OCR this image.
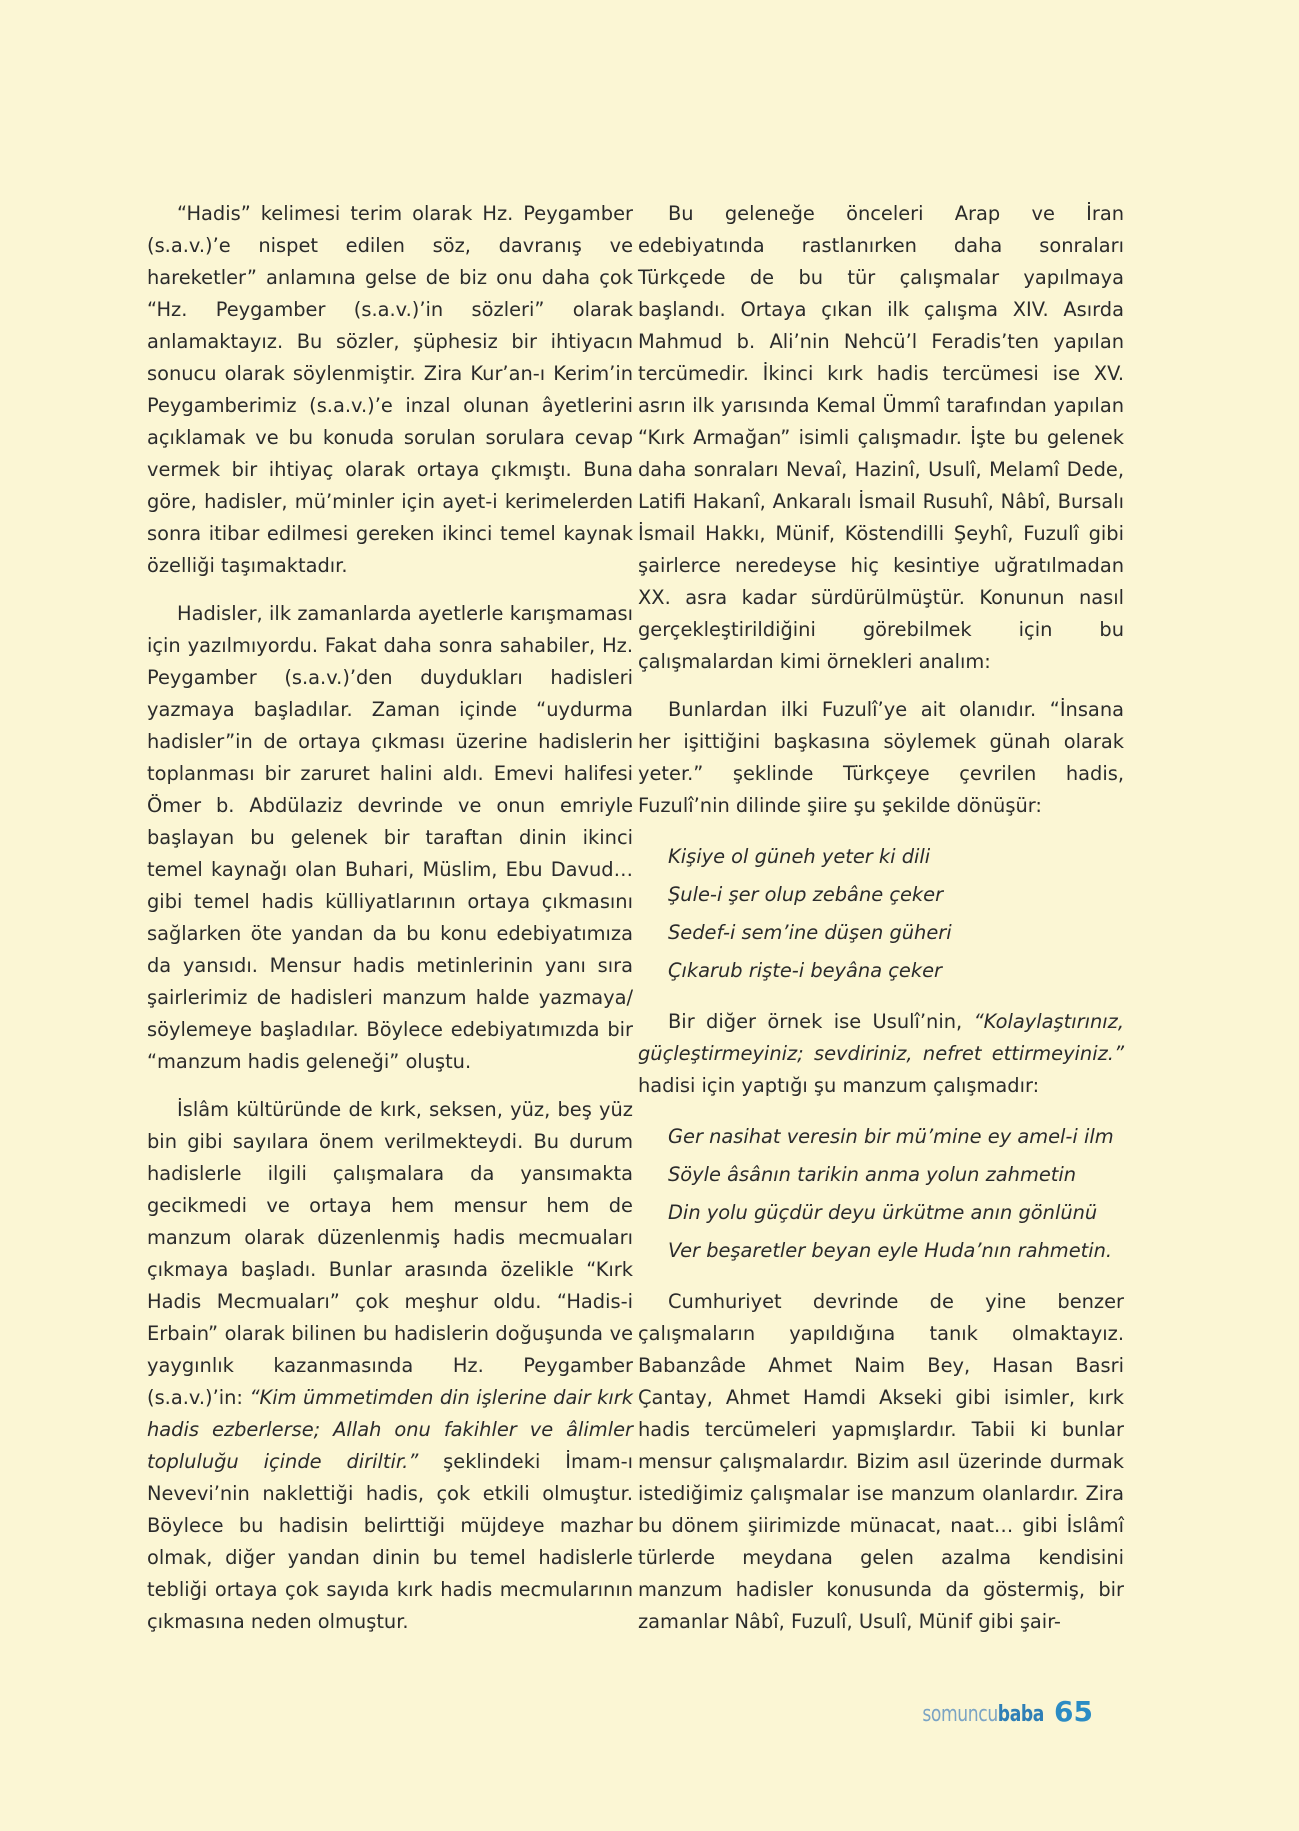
“Hadis” kelimesi terim olarak Hz. Peygamber (s.a.v.)’e nispet edilen söz, davranış ve hareketler” anlamına gelse de biz onu daha çok “Hz. Peygamber (s.a.v.)’in sözleri” olarak anlamaktayız. Bu sözler, şüphesiz bir ihtiyacın sonucu olarak söylenmiştir. Zira Kur’an-ı Kerim’in Peygamberimiz (s.a.v.)’e inzal olunan âyetlerini açıklamak ve bu konuda sorulan sorulara cevap vermek bir ihtiyaç olarak ortaya çıkmıştı. Buna göre, hadisler, mü’minler için ayet-i kerimelerden sonra itibar edilmesi gereken ikinci temel kaynak özelliği taşımaktadır.

Hadisler, ilk zamanlarda ayetlerle karışmaması için yazılmıyordu. Fakat daha sonra sahabiler, Hz. Peygamber (s.a.v.)’den duydukları hadisleri yazmaya başladılar. Zaman içinde “uydurma hadisler”in de ortaya çıkması üzerine hadislerin toplanması bir zaruret halini aldı. Emevi halifesi Ömer b. Abdülaziz devrinde ve onun emriyle başlayan bu gelenek bir taraftan dinin ikinci temel kaynağı olan Buhari, Müslim, Ebu Davud… gibi temel hadis külliyatlarının ortaya çıkmasını sağlarken öte yandan da bu konu edebiyatımıza da yansıdı. Mensur hadis metinlerinin yanı sıra şairlerimiz de hadisleri manzum halde yazmaya/ söylemeye başladılar. Böylece edebiyatımızda bir “manzum hadis geleneği” oluştu.

İslâm kültüründe de kırk, seksen, yüz, beş yüz bin gibi sayılara önem verilmekteydi. Bu durum hadislerle ilgili çalışmalara da yansımakta gecikmedi ve ortaya hem mensur hem de manzum olarak düzenlenmiş hadis mecmuaları çıkmaya başladı. Bunlar arasında özelikle “Kırk Hadis Mecmuaları” çok meşhur oldu. “Hadis-i Erbain” olarak bilinen bu hadislerin doğuşunda ve yaygınlık kazanmasında Hz. Peygamber (s.a.v.)’in: “Kim ümmetimden din işlerine dair kırk hadis ezberlerse; Allah onu fakihler ve âlimler topluluğu içinde diriltir.” şeklindeki İmam-ı Nevevi’nin naklettiği hadis, çok etkili olmuştur. Böylece bu hadisin belirttiği müjdeye mazhar olmak, diğer yandan dinin bu temel hadislerle tebliği ortaya çok sayıda kırk hadis mecmularının çıkmasına neden olmuştur.

Bu geleneğe önceleri Arap ve İran edebiyatında rastlanırken daha sonraları Türkçede de bu tür çalışmalar yapılmaya başlandı. Ortaya çıkan ilk çalışma XIV. Asırda Mahmud b. Ali’nin Nehcü’l Feradis’ten yapılan tercümedir. İkinci kırk hadis tercümesi ise XV. asrın ilk yarısında Kemal Ümmî tarafından yapılan “Kırk Armağan” isimli çalışmadır. İşte bu gelenek daha sonraları Nevaî, Hazinî, Usulî, Melamî Dede, Latifi Hakanî, Ankaralı İsmail Rusuhî, Nâbî, Bursalı İsmail Hakkı, Münif, Köstendilli Şeyhî, Fuzulî gibi şairlerce neredeyse hiç kesintiye uğratılmadan XX. asra kadar sürdürülmüştür. Konunun nasıl gerçekleştirildiğini görebilmek için bu çalışmalardan kimi örnekleri analım:

Bunlardan ilki Fuzulî’ye ait olanıdır. “İnsana her işittiğini başkasına söylemek günah olarak yeter.” şeklinde Türkçeye çevrilen hadis, Fuzulî’nin dilinde şiire şu şekilde dönüşür:

Kişiye ol güneh yeter ki dili
Şule-i şer olup zebâne çeker
Sedef-i sem’ine düşen güheri
Çıkarub rişte-i beyâna çeker

Bir diğer örnek ise Usulî’nin, “Kolaylaştırınız, güçleştirmeyiniz; sevdiriniz, nefret ettirmeyiniz.” hadisi için yaptığı şu manzum çalışmadır:

Ger nasihat veresin bir mü’mine ey amel-i ilm
Söyle âsânın tarikin anma yolun zahmetin
Din yolu güçdür deyu ürkütme anın gönlünü
Ver beşaretler beyan eyle Huda’nın rahmetin.

Cumhuriyet devrinde de yine benzer çalışmaların yapıldığına tanık olmaktayız. Babanzâde Ahmet Naim Bey, Hasan Basri Çantay, Ahmet Hamdi Akseki gibi isimler, kırk hadis tercümeleri yapmışlardır. Tabii ki bunlar mensur çalışmalardır. Bizim asıl üzerinde durmak istediğimiz çalışmalar ise manzum olanlardır. Zira bu dönem şiirimizde münacat, naat… gibi İslâmî türlerde meydana gelen azalma kendisini manzum hadisler konusunda da göstermiş, bir zamanlar Nâbî, Fuzulî, Usulî, Münif gibi şair-

somuncubaba 65
